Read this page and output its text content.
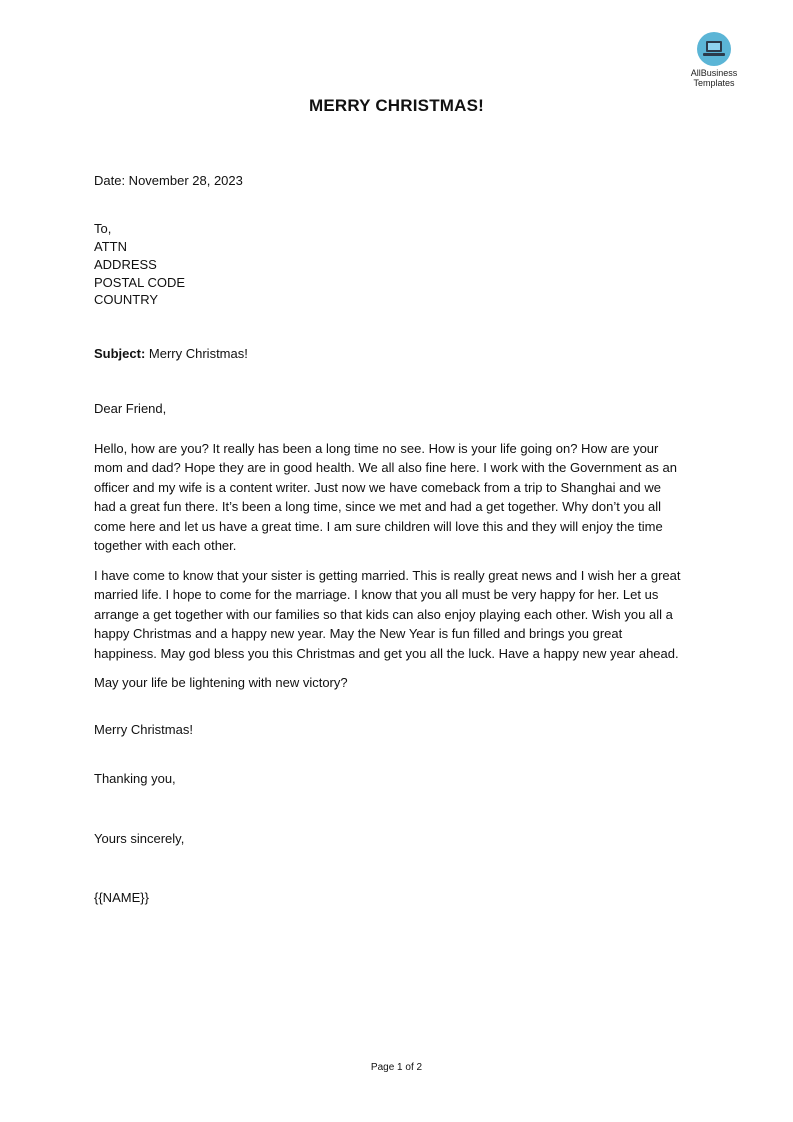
AllBusiness
Templates
MERRY CHRISTMAS!
Date: November 28, 2023
To,
ATTN
ADDRESS
POSTAL CODE
COUNTRY
Subject: Merry Christmas!
Dear Friend,
Hello, how are you? It really has been a long time no see. How is your life going on? How are your
mom and dad? Hope they are in good health. We all also fine here. I work with the Government as an
officer and my wife is a content writer. Just now we have comeback from a trip to Shanghai and we
had a great fun there. It’s been a long time, since we met and had a get together. Why don’t you all
come here and let us have a great time. I am sure children will love this and they will enjoy the time
together with each other.
I have come to know that your sister is getting married. This is really great news and I wish her a great
married life. I hope to come for the marriage. I know that you all must be very happy for her. Let us
arrange a get together with our families so that kids can also enjoy playing each other. Wish you all a
happy Christmas and a happy new year. May the New Year is fun filled and brings you great
happiness. May god bless you this Christmas and get you all the luck. Have a happy new year ahead.
May your life be lightening with new victory?
Merry Christmas!
Thanking you,
Yours sincerely,
{{NAME}}
Page 1 of 2
